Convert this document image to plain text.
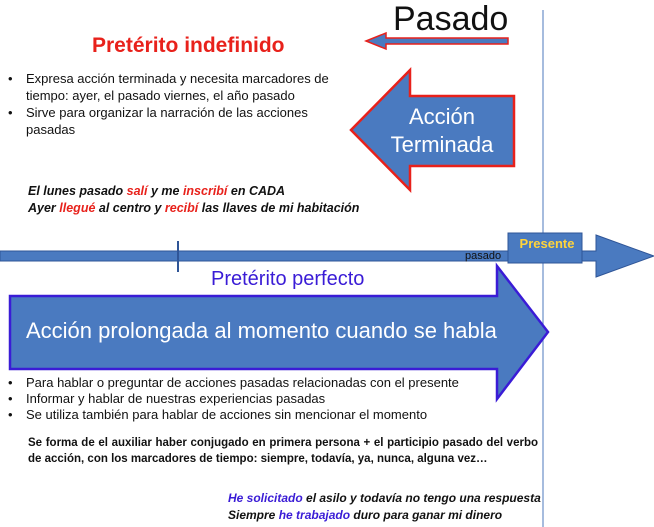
Pasado
Pretérito indefinido
• Expresa acción terminada y necesita marcadores de tiempo: ayer, el pasado viernes, el año pasado
• Sirve para organizar la narración de las acciones pasadas
Acción
Terminada
El lunes pasado salí y me inscribí en CADA
Ayer llegué al centro y recibí las llaves de mi habitación
pasado
Presente
Pretérito perfecto
Acción prolongada al momento cuando se habla
• Para hablar o preguntar de acciones pasadas relacionadas con el presente
• Informar y hablar de nuestras experiencias pasadas
• Se utiliza también para hablar de acciones sin mencionar el momento
Se forma de el auxiliar haber conjugado en primera persona + el participio pasado del verbo de acción, con los marcadores de tiempo: siempre, todavía, ya, nunca, alguna vez…
He solicitado el asilo y todavía no tengo una respuesta
Siempre he trabajado duro para ganar mi dinero
